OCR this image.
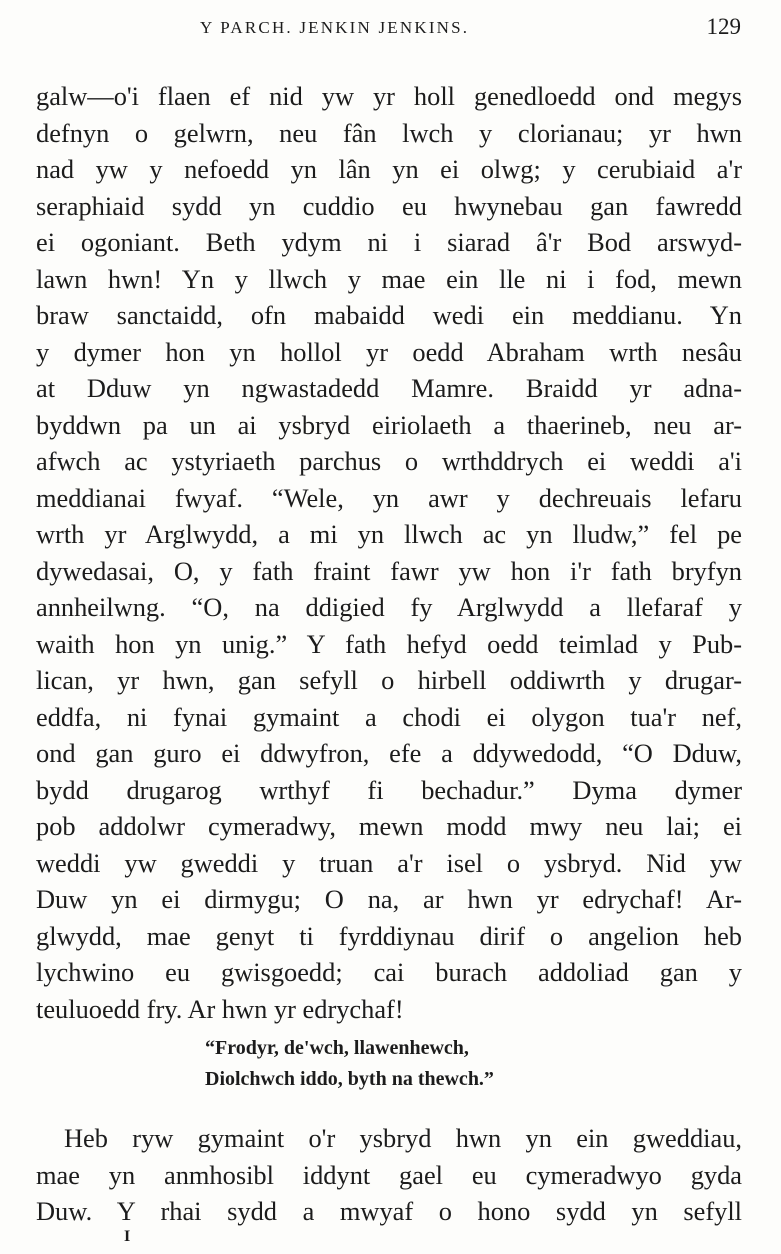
Y PARCH. JENKIN JENKINS.	129
galw—o'i flaen ef nid yw yr holl genedloedd ond megys
defnyn o gelwrn, neu fân lwch y clorianau; yr hwn
nad yw y nefoedd yn lân yn ei olwg; y cerubiaid a'r
seraphiaid sydd yn cuddio eu hwynebau gan fawredd
ei ogoniant. Beth ydym ni i siarad â'r Bod arswyd-
lawn hwn! Yn y llwch y mae ein lle ni i fod, mewn
braw sanctaidd, ofn mabaidd wedi ein meddianu. Yn
y dymer hon yn hollol yr oedd Abraham wrth nesâu
at Dduw yn ngwastadedd Mamre. Braidd yr adna-
byddwn pa un ai ysbryd eiriolaeth a thaerineb, neu ar-
afwch ac ystyriaeth parchus o wrthddrych ei weddi a'i
meddianai fwyaf. “Wele, yn awr y dechreuais lefaru
wrth yr Arglwydd, a mi yn llwch ac yn lludw,” fel pe
dywedasai, O, y fath fraint fawr yw hon i'r fath bryfyn
annheilwng. “O, na ddigied fy Arglwydd a llefaraf y
waith hon yn unig.” Y fath hefyd oedd teimlad y Pub-
lican, yr hwn, gan sefyll o hirbell oddiwrth y drugar-
eddfa, ni fynai gymaint a chodi ei olygon tua'r nef,
ond gan guro ei ddwyfron, efe a ddywedodd, “O Dduw,
bydd drugarog wrthyf fi bechadur.” Dyma dymer
pob addolwr cymeradwy, mewn modd mwy neu lai; ei
weddi yw gweddi y truan a'r isel o ysbryd. Nid yw
Duw yn ei dirmygu; O na, ar hwn yr edrychaf! Ar-
glwydd, mae genyt ti fyrddiynau dirif o angelion heb
lychwino eu gwisgoedd; cai burach addoliad gan y
teuluoedd fry. Ar hwn yr edrychaf!
“Frodyr, de'wch, llawenhewch,
Diolchwch iddo, byth na thewch.”
Heb ryw gymaint o'r ysbryd hwn yn ein gweddiau,
mae yn anmhosibl iddynt gael eu cymeradwyo gyda
Duw. Y rhai sydd a mwyaf o hono sydd yn sefyll
I
